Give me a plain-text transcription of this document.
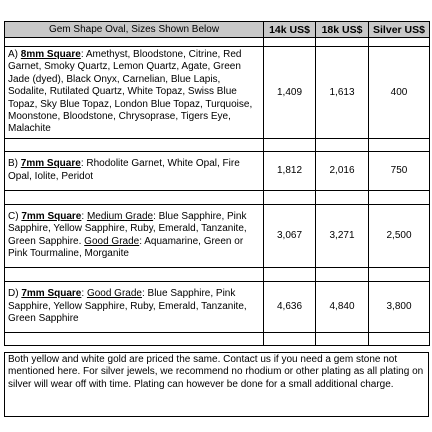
Gem Shape Oval, Sizes Shown Below	14k US$	18k US$	Silver US$

A) 8mm Square: Amethyst, Bloodstone, Citrine, Red Garnet, Smoky Quartz, Lemon Quartz, Agate, Green Jade (dyed), Black Onyx, Carnelian, Blue Lapis, Sodalite, Rutilated Quartz, White Topaz, Swiss Blue Topaz, Sky Blue Topaz, London Blue Topaz, Turquoise, Moonstone, Bloodstone, Chrysoprase, Tigers Eye, Malachite	1,409	1,613	400

B) 7mm Square: Rhodolite Garnet, White Opal, Fire Opal, Iolite, Peridot	1,812	2,016	750

C) 7mm Square: Medium Grade: Blue Sapphire, Pink Sapphire, Yellow Sapphire, Ruby, Emerald, Tanzanite, Green Sapphire. Good Grade: Aquamarine, Green or Pink Tourmaline, Morganite	3,067	3,271	2,500

D) 7mm Square: Good Grade: Blue Sapphire, Pink Sapphire, Yellow Sapphire, Ruby, Emerald, Tanzanite, Green Sapphire	4,636	4,840	3,800

Both yellow and white gold are priced the same. Contact us if you need a gem stone not mentioned here. For silver jewels, we recommend no rhodium or other plating as all plating on silver will wear off with time. Plating can however be done for a small additional charge.
